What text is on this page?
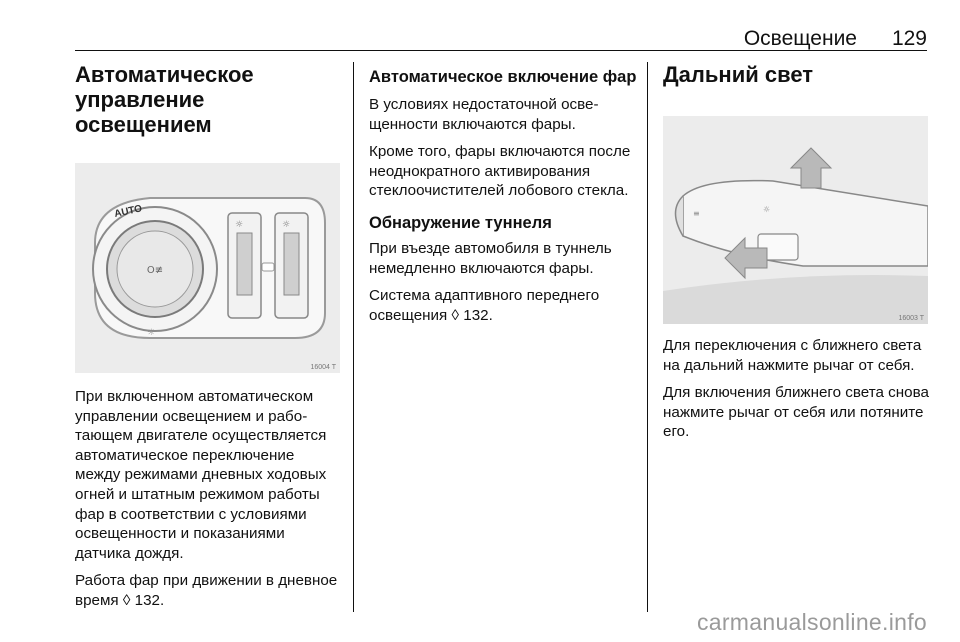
Освещение 129
Автоматическое
управление освещением
O≢
AUTO
☼	☼
☼
16004 T

При включенном автоматическом управлении освещением и работающем двигателе осуществляется автоматическое переключение между режимами дневных ходовых огней и штатным режимом работы фар в соответствии с условиями освещенности и показаниями датчика дождя.

Работа фар при движении в дневное время ◊ 132.

Автоматическое включение фар

В условиях недостаточной освещенности включаются фары.

Кроме того, фары включаются после неоднократного активирования стеклоочистителей лобового стекла.

Обнаружение туннеля

При въезде автомобиля в туннель немедленно включаются фары.

Система адаптивного переднего освещения ◊ 132.

Дальний свет
≡	☼
16003 T

Для переключения с ближнего света на дальний нажмите рычаг от себя.

Для включения ближнего света снова нажмите рычаг от себя или потяните его.

carmanualsonline.info
